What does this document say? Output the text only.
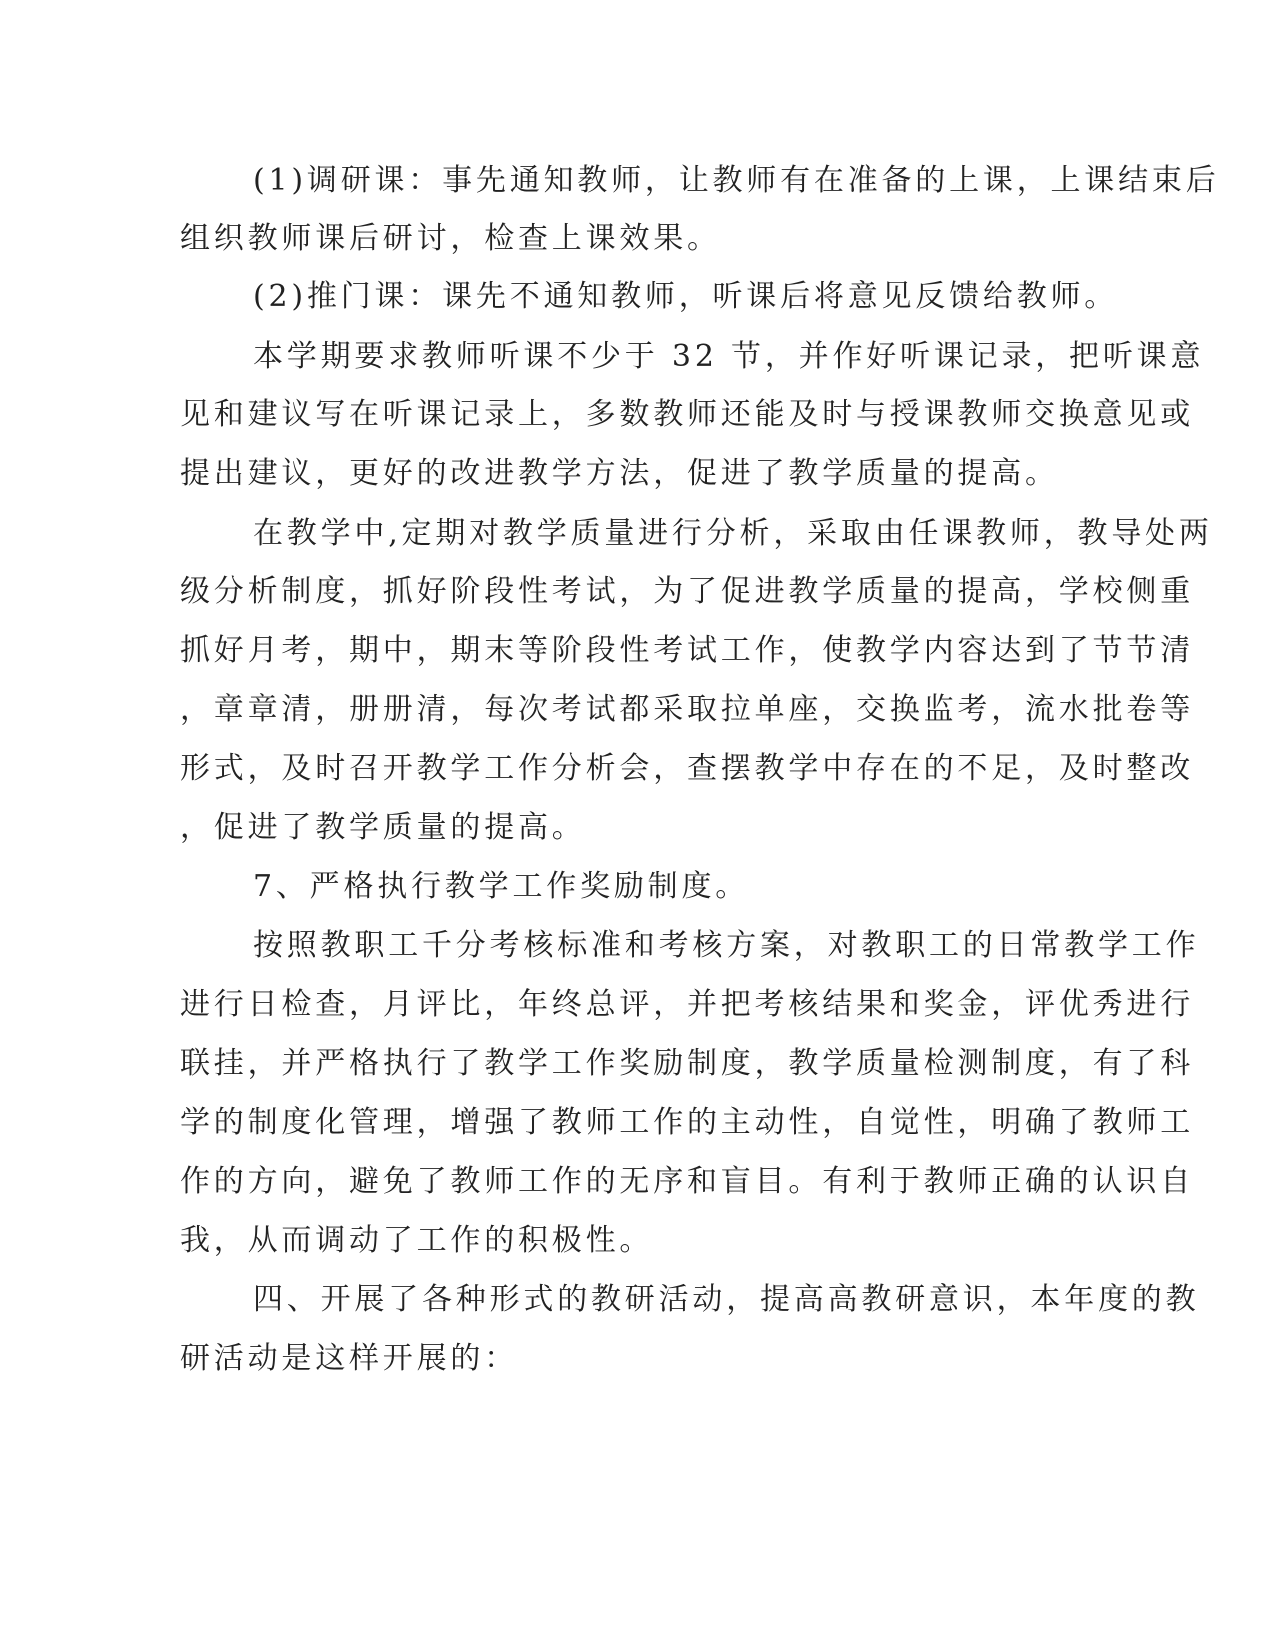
(1)调研课：事先通知教师，让教师有在准备的上课，上课结束后
组织教师课后研讨，检查上课效果。
(2)推门课：课先不通知教师，听课后将意见反馈给教师。
本学期要求教师听课不少于 32 节，并作好听课记录，把听课意
见和建议写在听课记录上，多数教师还能及时与授课教师交换意见或
提出建议，更好的改进教学方法，促进了教学质量的提高。
在教学中,定期对教学质量进行分析，采取由任课教师，教导处两
级分析制度，抓好阶段性考试，为了促进教学质量的提高，学校侧重
抓好月考，期中，期末等阶段性考试工作，使教学内容达到了节节清
，章章清，册册清，每次考试都采取拉单座，交换监考，流水批卷等
形式，及时召开教学工作分析会，查摆教学中存在的不足，及时整改
，促进了教学质量的提高。
7、严格执行教学工作奖励制度。
按照教职工千分考核标准和考核方案，对教职工的日常教学工作
进行日检查，月评比，年终总评，并把考核结果和奖金，评优秀进行
联挂，并严格执行了教学工作奖励制度，教学质量检测制度，有了科
学的制度化管理，增强了教师工作的主动性，自觉性，明确了教师工
作的方向，避免了教师工作的无序和盲目。有利于教师正确的认识自
我，从而调动了工作的积极性。
四、开展了各种形式的教研活动，提高高教研意识，本年度的教
研活动是这样开展的：
